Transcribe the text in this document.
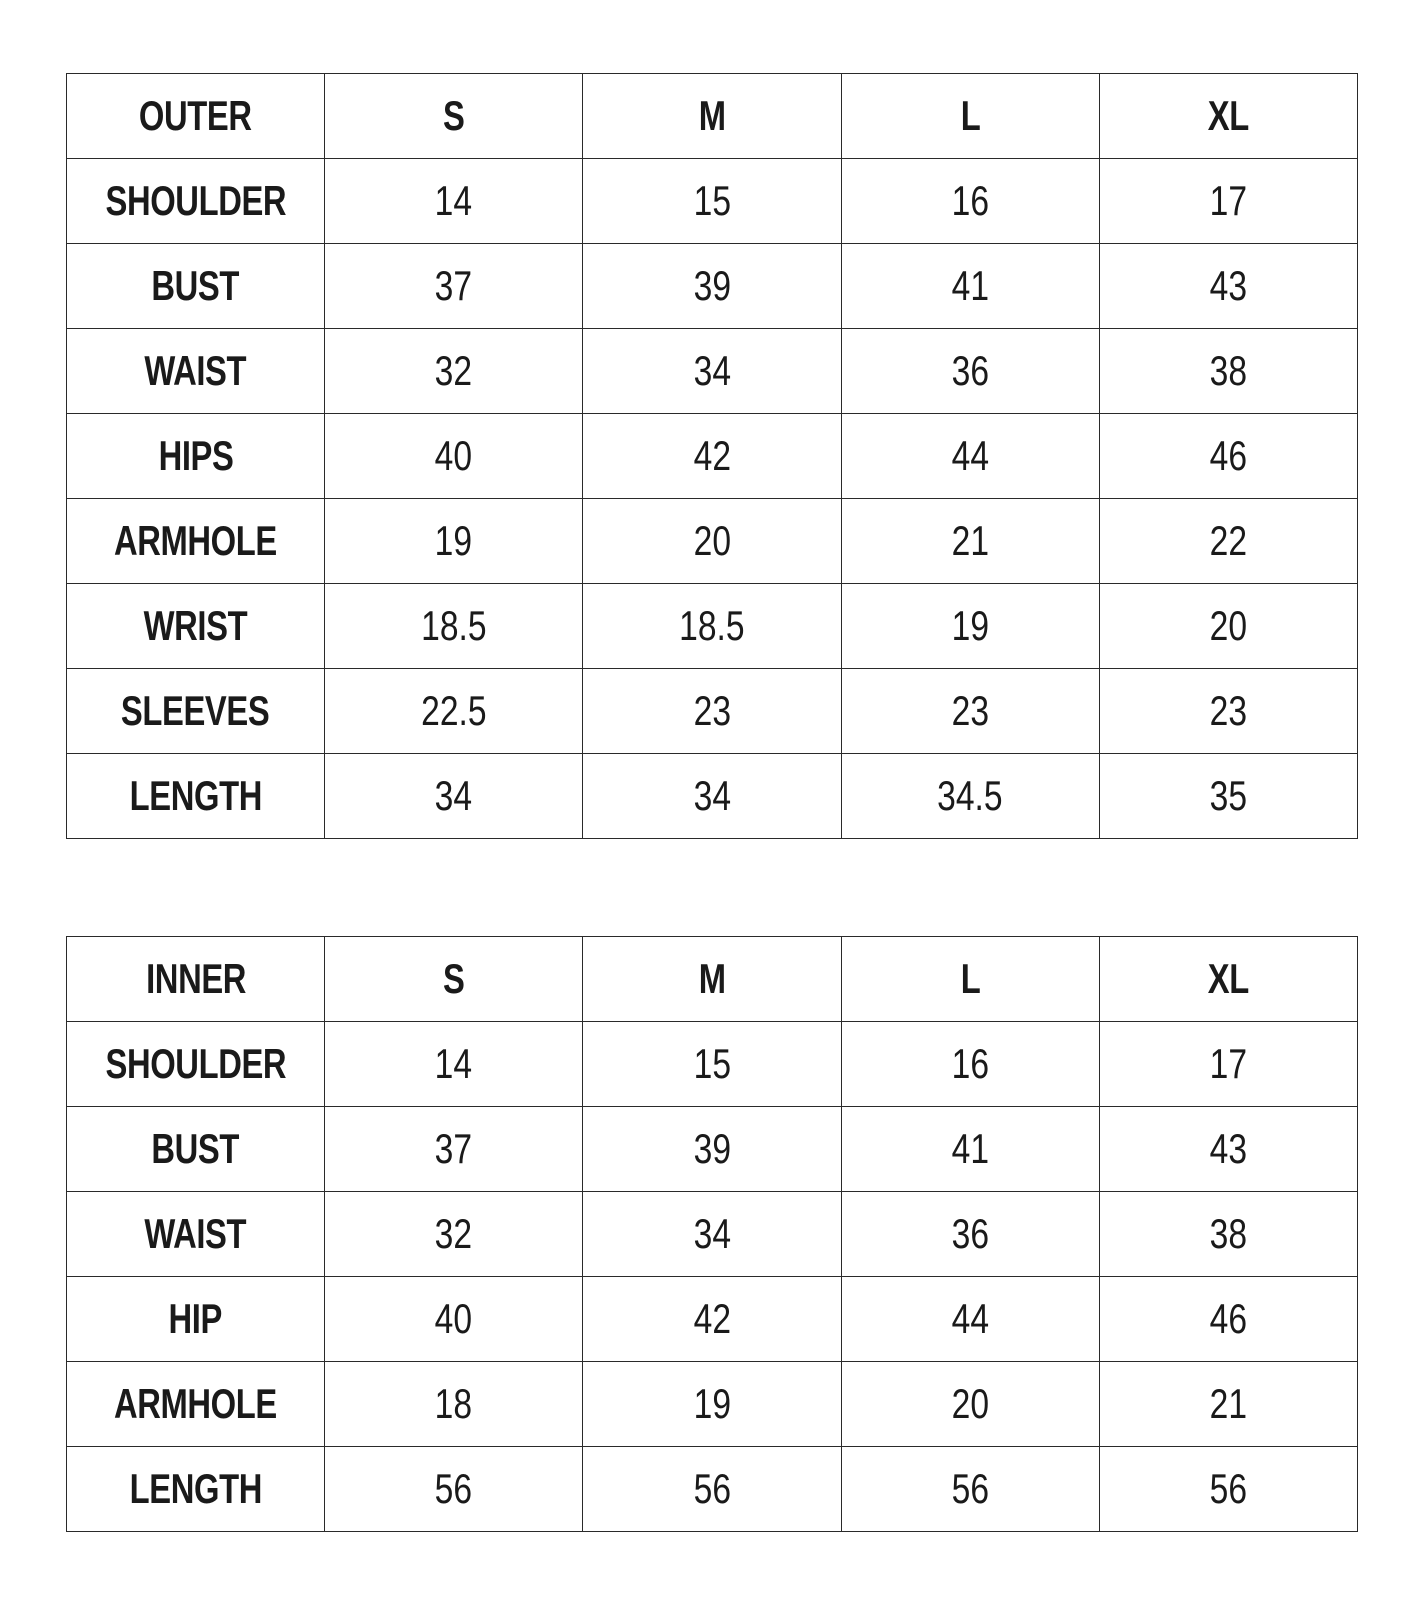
OUTER	S	M	L	XL
SHOULDER	14	15	16	17
BUST	37	39	41	43
WAIST	32	34	36	38
HIPS	40	42	44	46
ARMHOLE	19	20	21	22
WRIST	18.5	18.5	19	20
SLEEVES	22.5	23	23	23
LENGTH	34	34	34.5	35
INNER	S	M	L	XL
SHOULDER	14	15	16	17
BUST	37	39	41	43
WAIST	32	34	36	38
HIP	40	42	44	46
ARMHOLE	18	19	20	21
LENGTH	56	56	56	56
